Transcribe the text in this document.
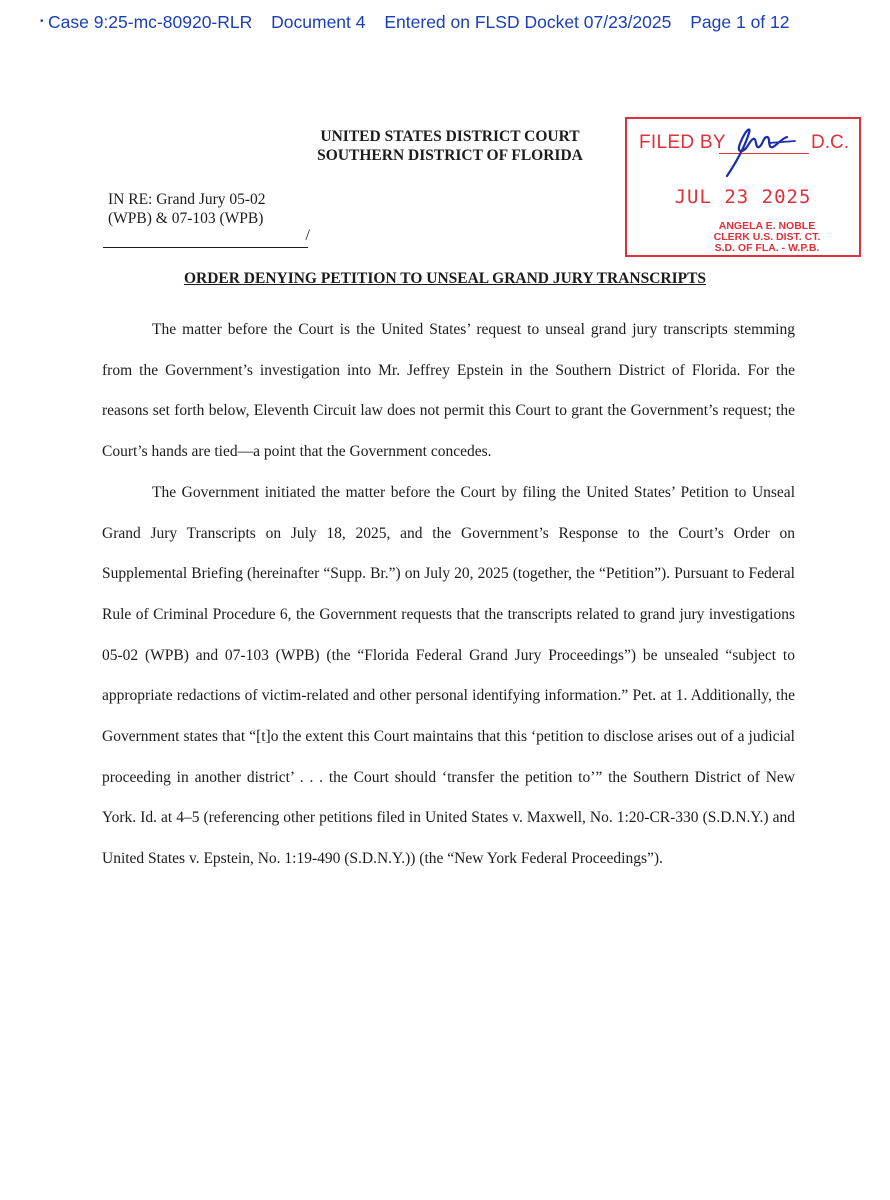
• Case 9:25-mc-80920-RLR Document 4 Entered on FLSD Docket 07/23/2025 Page 1 of 12
UNITED STATES DISTRICT COURT
SOUTHERN DISTRICT OF FLORIDA
FILED BY	D.C.
JUL 23 2025
ANGELA E. NOBLE
CLERK U.S. DIST. CT.
S.D. OF FLA. - W.P.B.
IN RE: Grand Jury 05-02
(WPB) & 07-103 (WPB)
/
ORDER DENYING PETITION TO UNSEAL GRAND JURY TRANSCRIPTS

The matter before the Court is the United States’ request to unseal grand jury transcripts stemming from the Government’s investigation into Mr. Jeffrey Epstein in the Southern District of Florida. For the reasons set forth below, Eleventh Circuit law does not permit this Court to grant the Government’s request; the Court’s hands are tied—a point that the Government concedes.

The Government initiated the matter before the Court by filing the United States’ Petition to Unseal Grand Jury Transcripts on July 18, 2025, and the Government’s Response to the Court’s Order on Supplemental Briefing (hereinafter “Supp. Br.”) on July 20, 2025 (together, the “Petition”). Pursuant to Federal Rule of Criminal Procedure 6, the Government requests that the transcripts related to grand jury investigations 05-02 (WPB) and 07-103 (WPB) (the “Florida Federal Grand Jury Proceedings”) be unsealed “subject to appropriate redactions of victim-related and other personal identifying information.” Pet. at 1. Additionally, the Government states that “[t]o the extent this Court maintains that this ‘petition to disclose arises out of a judicial proceeding in another district’ . . . the Court should ‘transfer the petition to’” the Southern District of New York. Id. at 4–5 (referencing other petitions filed in United States v. Maxwell, No. 1:20-CR-330 (S.D.N.Y.) and United States v. Epstein, No. 1:19-490 (S.D.N.Y.)) (the “New York Federal Proceedings”).
